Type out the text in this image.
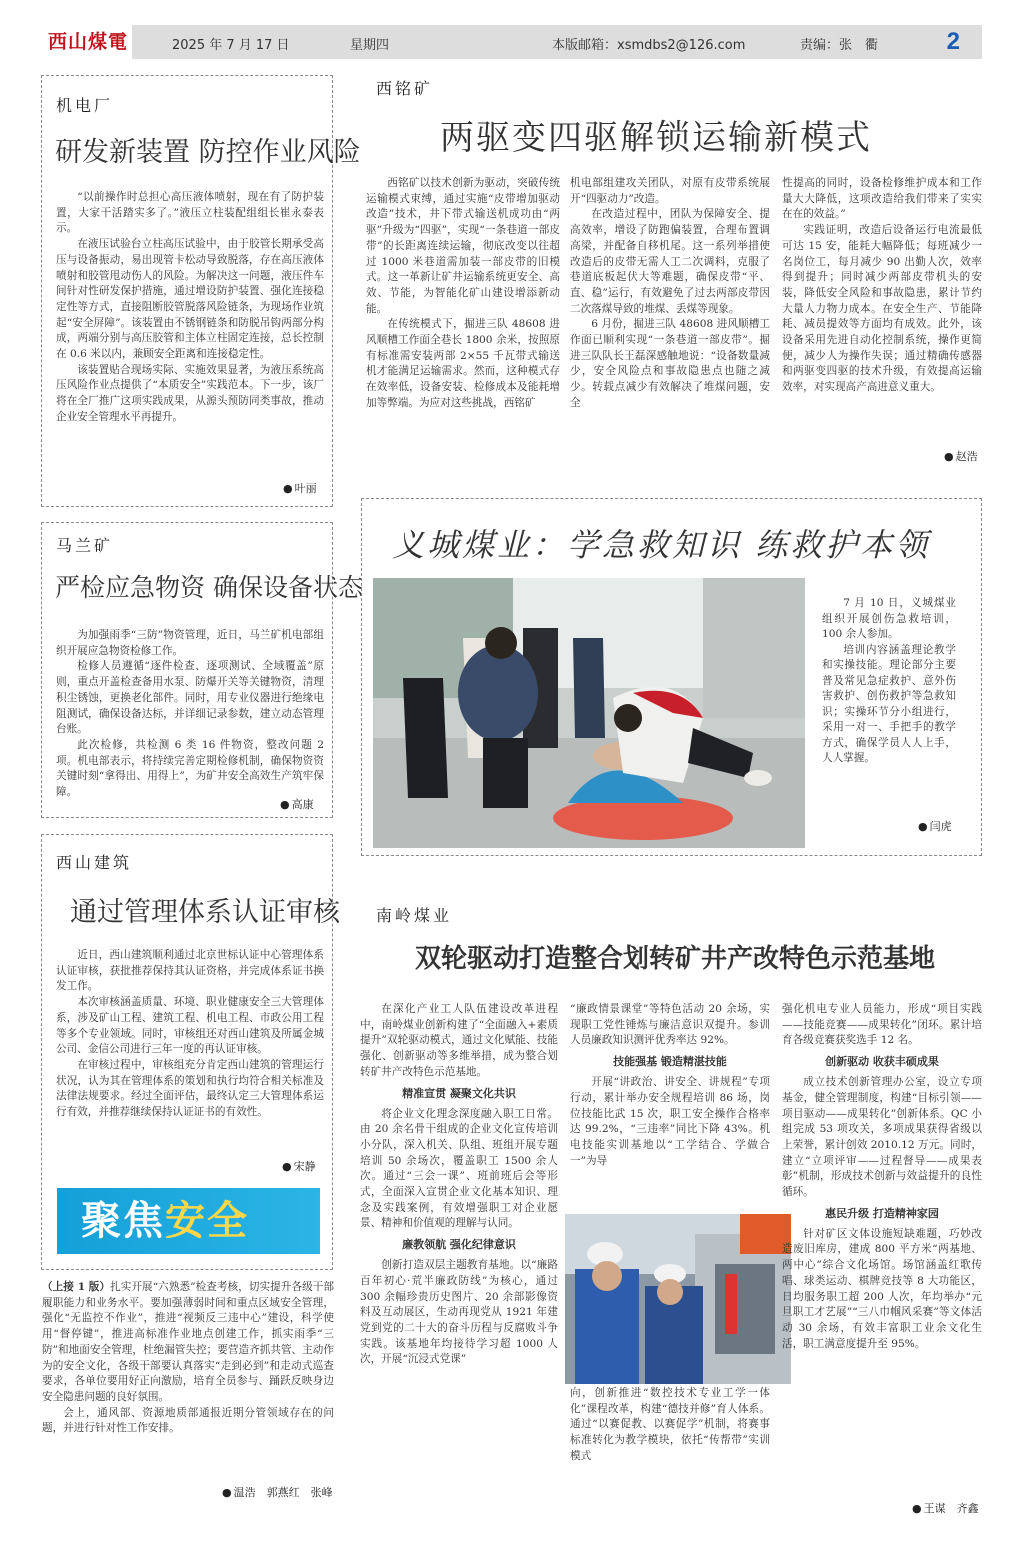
西山煤電	2025 年 7 月 17 日	星期四	本版邮箱：xsmdbs2@126.com	责编：张　衢	2
机电厂
研发新装置 防控作业风险

“以前操作时总担心高压液体喷射，现在有了防护装置，大家干活踏实多了。”液压立柱装配组组长崔永泰表示。

在液压试验台立柱高压试验中，由于胶管长期承受高压与设备振动，易出现管卡松动导致脱落，存在高压液体喷射和胶管甩动伤人的风险。为解决这一问题，液压件车间针对性研发保护措施，通过增设防护装置、强化连接稳定性等方式，直接阻断胶管脱落风险链条，为现场作业筑起“安全屏障”。该装置由不锈钢链条和防脱吊钩两部分构成，两端分别与高压胶管和主体立柱固定连接，总长控制在 0.6 米以内，兼顾安全距离和连接稳定性。

该装置贴合现场实际、实施效果显著，为液压系统高压风险作业点提供了“本质安全”实践范本。下一步，该厂将在全厂推广这项实践成果，从源头预防同类事故，推动企业安全管理水平再提升。

● 叶丽
马兰矿
严检应急物资 确保设备状态

为加强雨季“三防”物资管理，近日，马兰矿机电部组织开展应急物资检修工作。

检修人员遵循“逐件检查、逐项测试、全域覆盖”原则，重点开盖检查备用水泵、防爆开关等关键物资，清理积尘锈蚀，更换老化部件。同时，用专业仪器进行绝缘电阻测试，确保设备达标，并详细记录参数，建立动态管理台账。

此次检修，共检测 6 类 16 件物资，整改问题 2 项。机电部表示，将持续完善定期检修机制，确保物资资关键时刻“拿得出、用得上”，为矿井安全高效生产筑牢保障。

● 高康
西山建筑
通过管理体系认证审核

近日，西山建筑顺利通过北京世标认证中心管理体系认证审核，获批推荐保持其认证资格，并完成体系证书换发工作。

本次审核涵盖质量、环境、职业健康安全三大管理体系，涉及矿山工程、建筑工程、机电工程、市政公用工程等多个专业领域。同时，审核组还对西山建筑及所属金城公司、金信公司进行三年一度的再认证审核。

在审核过程中，审核组充分肯定西山建筑的管理运行状况，认为其在管理体系的策划和执行均符合相关标准及法律法规要求。经过全面评估，最终认定三大管理体系运行有效，并推荐继续保持认证证书的有效性。

● 宋静
聚焦安全

（上接 1 版）扎实开展“六熟悉”检查考核，切实提升各级干部履职能力和业务水平。要加强薄弱时间和重点区域安全管理，强化“无监控不作业”，推进“视频反三违中心”建设，科学使用“督停键”，推进高标准作业地点创建工作，抓实雨季“三防”和地面安全管理，杜绝漏管失控；要营造齐抓共管、主动作为的安全文化，各级干部要认真落实“走到必到”和走动式巡查要求，各单位要用好正向激励，培育全员参与、踊跃反映身边安全隐患问题的良好氛围。

会上，通风部、资源地质部通报近期分管领域存在的问题，并进行针对性工作安排。

● 温浩　郭燕红　张峰
西铭矿
两驱变四驱解锁运输新模式

西铭矿以技术创新为驱动，突破传统运输模式束缚，通过实施“皮带增加驱动改造”技术，井下带式输送机成功由“两驱”升级为“四驱”，实现“一条巷道一部皮带”的长距离连续运输，彻底改变以往超过 1000 米巷道需加装一部皮带的旧模式。这一革新让矿井运输系统更安全、高效、节能，为智能化矿山建设增添新动能。

在传统模式下，掘进三队 48608 进风顺槽工作面全巷长 1800 余米，按照原有标准需安装两部 2×55 千瓦带式输送机才能满足运输需求。然而，这种模式存在效率低，设备安装、检修成本及能耗增加等弊端。为应对这些挑战，西铭矿

机电部组建攻关团队，对原有皮带系统展开“四驱动力”改造。

在改造过程中，团队为保障安全、提高效率，增设了防跑偏装置，合理布置调高梁，并配备自移机尾。这一系列举措使改造后的皮带无需人工二次调料，克服了巷道底板起伏大等难题，确保皮带“平、直、稳”运行，有效避免了过去两部皮带因二次落煤导致的堆煤、丢煤等现象。

6 月份，掘进三队 48608 进风顺槽工作面已顺利实现“一条巷道一部皮带”。掘进三队队长王磊深感触地说：“设备数量减少，安全风险点和事故隐患点也随之减少。转载点减少有效解决了堆煤问题，安全

性提高的同时，设备检修维护成本和工作量大大降低，这项改造给我们带来了实实在在的效益。”

实践证明，改造后设备运行电流最低可达 15 安，能耗大幅降低；每班减少一名岗位工，每月减少 90 出勤人次，效率得到提升；同时减少两部皮带机头的安装，降低安全风险和事故隐患，累计节约大量人力物力成本。在安全生产、节能降耗、减员提效等方面均有成效。此外，该设备采用先进自动化控制系统，操作更简便，减少人为操作失误；通过精确传感器和两驱变四驱的技术升级，有效提高运输效率，对实现高产高进意义重大。

● 赵浩
义城煤业：学急救知识 练救护本领

7 月 10 日，义城煤业组织开展创伤急救培训，100 余人参加。

培训内容涵盖理论教学和实操技能。理论部分主要普及常见急症救护、意外伤害救护、创伤救护等急救知识；实操环节分小组进行，采用一对一、手把手的教学方式，确保学员人人上手，人人掌握。

● 闫虎
南岭煤业
双轮驱动打造整合划转矿井产改特色示范基地

在深化产业工人队伍建设改革进程中，南岭煤业创新构建了“全面融入+素质提升”双轮驱动模式，通过文化赋能、技能强化、创新驱动等多维举措，成为整合划转矿井产改特色示范基地。

精准宣贯 凝聚文化共识

将企业文化理念深度融入职工日常。由 20 余名骨干组成的企业文化宣传培训小分队，深入机关、队组、班组开展专题培训 50 余场次，覆盖职工 1500 余人次。通过“三会一课”、班前班后会等形式，全面深入宣贯企业文化基本知识、理念及实践案例，有效增强职工对企业愿景、精神和价值观的理解与认同。

廉教领航 强化纪律意识

创新打造双层主题教育基地。以“廉路百年初心·荒半廉政防线”为核心，通过 300 余幅珍贵历史图片、20 余部影像资料及互动展区，生动再现党从 1921 年建党到党的二十大的奋斗历程与反腐败斗争实践。该基地年均接待学习超 1000 人次，开展“沉浸式党课”

“廉政情景课堂”等特色活动 20 余场，实现职工党性锤炼与廉洁意识双提升。参训人员廉政知识测评优秀率达 92%。

技能强基 锻造精湛技能

开展“讲政治、讲安全、讲规程”专项行动，累计举办安全规程培训 86 场，岗位技能比武 15 次，职工安全操作合格率达 99.2%，“三违率”同比下降 43%。机电技能实训基地以“工学结合、学做合一”为导

向，创新推进“数控技术专业工学一体化”课程改革，构建“德技并修”育人体系。通过“以赛促教、以赛促学”机制，将赛事标准转化为教学模块，依托“传帮带”实训模式

强化机电专业人员能力，形成“项目实践——技能竞赛——成果转化”闭环。累计培育各级竞赛获奖选手 12 名。

创新驱动 收获丰硕成果

成立技术创新管理办公室，设立专项基金，健全管理制度，构建“目标引领——项目驱动——成果转化”创新体系。QC 小组完成 53 项攻关，多项成果获得省级以上荣誉，累计创效 2010.12 万元。同时，建立“立项评审——过程督导——成果表彰”机制，形成技术创新与效益提升的良性循环。

惠民升级 打造精神家园

针对矿区文体设施短缺难题，巧妙改造废旧库房，建成 800 平方米“两基地、两中心”综合文化场馆。场馆涵盖红歌传唱、球类运动、棋牌竞技等 8 大功能区，日均服务职工超 200 人次，年均举办“元旦职工才艺展”“三八巾帼风采赛”等文体活动 30 余场，有效丰富职工业余文化生活，职工满意度提升至 95%。

● 王谋　齐鑫
